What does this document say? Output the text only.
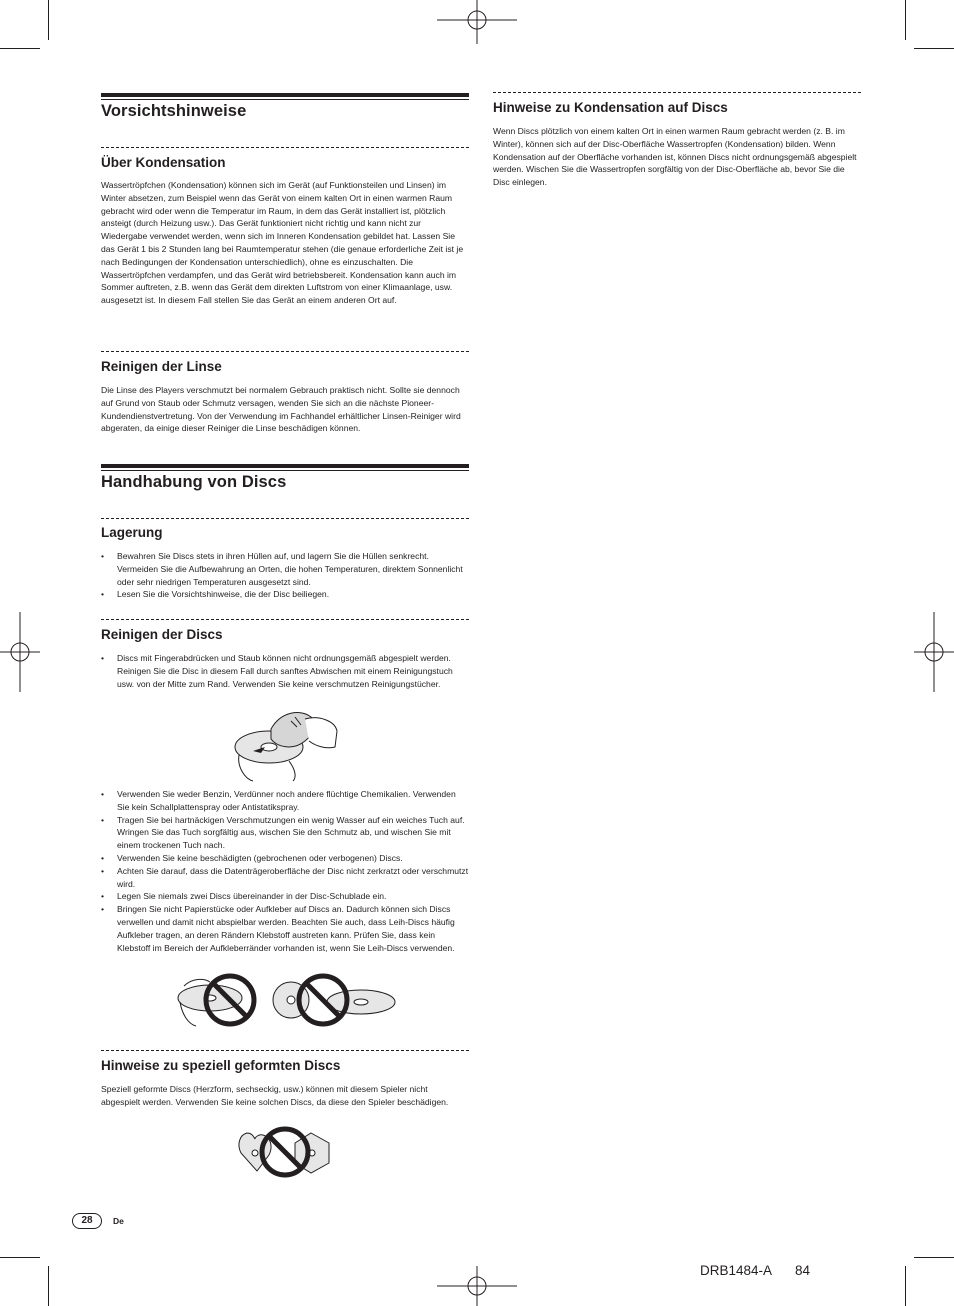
Vorsichtshinweise
Über Kondensation

Wassertröpfchen (Kondensation) können sich im Gerät (auf Funktionsteilen und Linsen) im Winter absetzen, zum Beispiel wenn das Gerät von einem kalten Ort in einen warmen Raum gebracht wird oder wenn die Temperatur im Raum, in dem das Gerät installiert ist, plötzlich ansteigt (durch Heizung usw.). Das Gerät funktioniert nicht richtig und kann nicht zur Wiedergabe verwendet werden, wenn sich im Inneren Kondensation gebildet hat. Lassen Sie das Gerät 1 bis 2 Stunden lang bei Raumtemperatur stehen (die genaue erforderliche Zeit ist je nach Bedingungen der Kondensation unterschiedlich), ohne es einzuschalten. Die Wassertröpfchen verdampfen, und das Gerät wird betriebsbereit. Kondensation kann auch im Sommer auftreten, z.B. wenn das Gerät dem direkten Luftstrom von einer Klimaanlage, usw. ausgesetzt ist. In diesem Fall stellen Sie das Gerät an einem anderen Ort auf.

Reinigen der Linse

Die Linse des Players verschmutzt bei normalem Gebrauch praktisch nicht. Sollte sie dennoch auf Grund von Staub oder Schmutz versagen, wenden Sie sich an die nächste Pioneer-Kundendienstvertretung. Von der Verwendung im Fachhandel erhältlicher Linsen-Reiniger wird abgeraten, da einige dieser Reiniger die Linse beschädigen können.

Handhabung von Discs
Lagerung
• Bewahren Sie Discs stets in ihren Hüllen auf, und lagern Sie die Hüllen senkrecht. Vermeiden Sie die Aufbewahrung an Orten, die hohen Temperaturen, direktem Sonnenlicht oder sehr niedrigen Temperaturen ausgesetzt sind.
• Lesen Sie die Vorsichtshinweise, die der Disc beiliegen.
Reinigen der Discs
• Discs mit Fingerabdrücken und Staub können nicht ordnungsgemäß abgespielt werden. Reinigen Sie die Disc in diesem Fall durch sanftes Abwischen mit einem Reinigungstuch usw. von der Mitte zum Rand. Verwenden Sie keine verschmutzen Reinigungstücher.
• Verwenden Sie weder Benzin, Verdünner noch andere flüchtige Chemikalien. Verwenden Sie kein Schallplattenspray oder Antistatikspray.
• Tragen Sie bei hartnäckigen Verschmutzungen ein wenig Wasser auf ein weiches Tuch auf. Wringen Sie das Tuch sorgfältig aus, wischen Sie den Schmutz ab, und wischen Sie mit einem trockenen Tuch nach.
• Verwenden Sie keine beschädigten (gebrochenen oder verbogenen) Discs.
• Achten Sie darauf, dass die Datenträgeroberfläche der Disc nicht zerkratzt oder verschmutzt wird.
• Legen Sie niemals zwei Discs übereinander in der Disc-Schublade ein.
• Bringen Sie nicht Papierstücke oder Aufkleber auf Discs an. Dadurch können sich Discs verwellen und damit nicht abspielbar werden. Beachten Sie auch, dass Leih-Discs häufig Aufkleber tragen, an deren Rändern Klebstoff austreten kann. Prüfen Sie, dass kein Klebstoff im Bereich der Aufkleberränder vorhanden ist, wenn Sie Leih-Discs verwenden.
Hinweise zu speziell geformten Discs

Speziell geformte Discs (Herzform, sechseckig, usw.) können mit diesem Spieler nicht abgespielt werden. Verwenden Sie keine solchen Discs, da diese den Spieler beschädigen.

Hinweise zu Kondensation auf Discs

Wenn Discs plötzlich von einem kalten Ort in einen warmen Raum gebracht werden (z. B. im Winter), können sich auf der Disc-Oberfläche Wassertropfen (Kondensation) bilden. Wenn Kondensation auf der Oberfläche vorhanden ist, können Discs nicht ordnungsgemäß abgespielt werden. Wischen Sie die Wassertropfen sorgfältig von der Disc-Oberfläche ab, bevor Sie die Disc einlegen.

28	De
DRB1484-A 84
